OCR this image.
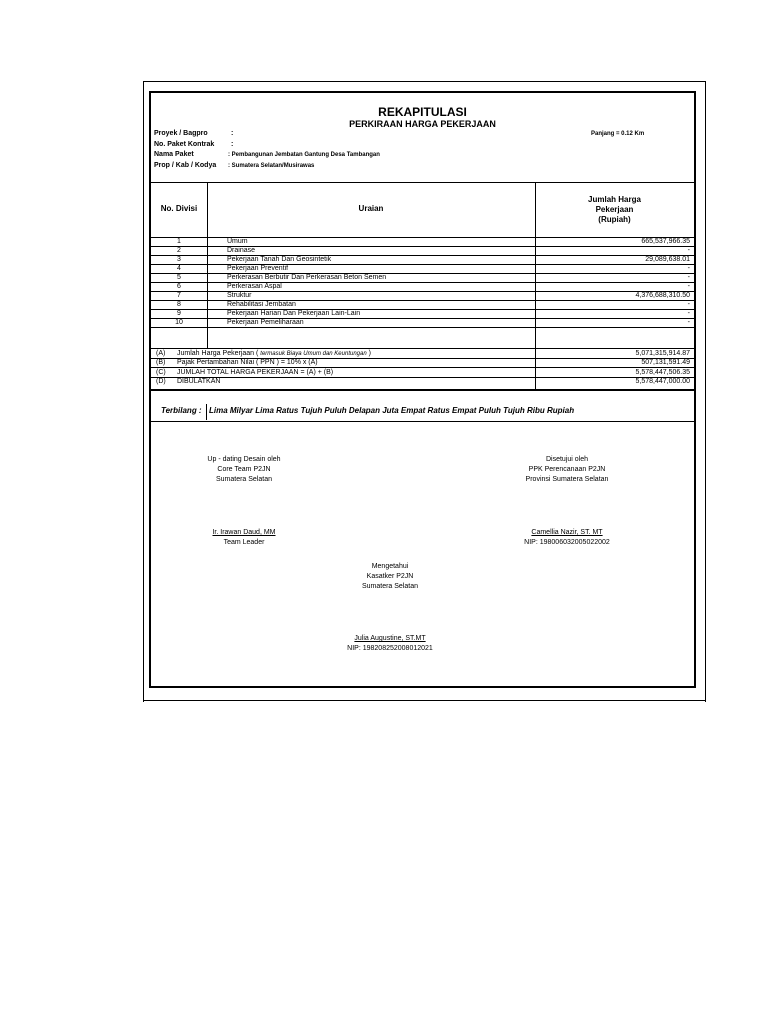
REKAPITULASI
PERKIRAAN HARGA PEKERJAAN
Proyek / Bagpro	:
No. Paket Kontrak :
Nama Paket	: Pembangunan Jembatan Gantung Desa Tambangan
Prop / Kab / Kodya : Sumatera Selatan/Musirawas
Panjang = 0.12 Km
No. Divisi	Uraian
Jumlah Harga
Pekerjaan
(Rupiah)
1	Umum	665,537,966.35
2	Drainase	-
3	Pekerjaan Tanah Dan Geosintetik	29,089,638.01
4	Pekerjaan Preventif	-
5	Perkerasan Berbutir Dan Perkerasan Beton Semen	-
6	Perkerasan Aspal	-
7	Struktur	4,376,688,310.50
8	Rehabilitasi Jembatan	-
9	Pekerjaan Harian Dan Pekerjaan Lain-Lain	-
10	Pekerjaan Pemeliharaan	-
(A) Jumlah Harga Pekerjaan ( termasuk Biaya Umum dan Keuntungan )	5,071,315,914.87
(B) Pajak Pertambahan Nilai ( PPN ) = 10% x (A)	507,131,591.49
(C) JUMLAH TOTAL HARGA PEKERJAAN = (A) + (B)	5,578,447,506.35
(D) DIBULATKAN	5,578,447,000.00
Terbilang : Lima Milyar Lima Ratus Tujuh Puluh Delapan Juta Empat Ratus Empat Puluh Tujuh Ribu Rupiah
Up - dating Desain oleh
Core Team P2JN
Sumatera Selatan
Ir. Irawan Daud, MM
Team Leader
Disetujui oleh
PPK Perencanaan P2JN
Provinsi Sumatera Selatan
Camellia Nazir, ST. MT
NIP: 198006032005022002
Mengetahui
Kasatker P2JN
Sumatera Selatan
Julia Augustine, ST.MT
NIP: 198208252008012021
